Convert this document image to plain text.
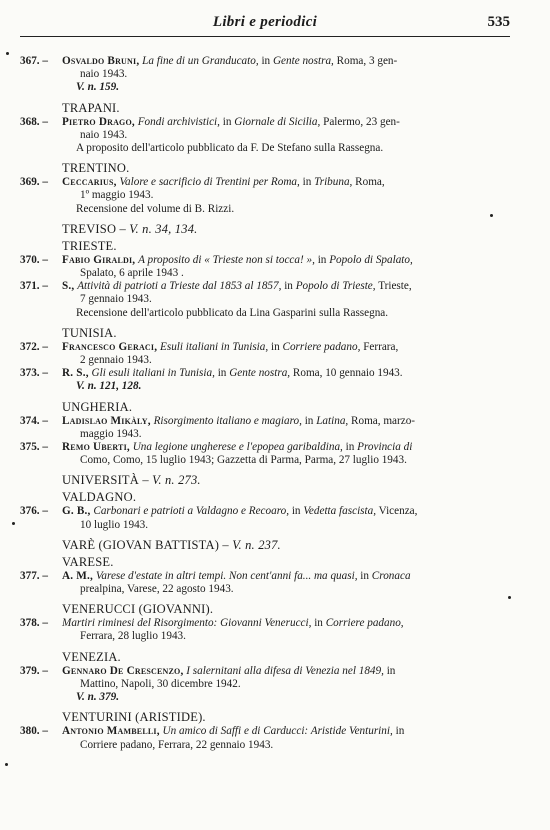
Libri e periodici	535
367. – Osvaldo Bruni, La fine di un Granducato, in Gente nostra, Roma, 3 gen-
naio 1943.
V. n. 159.
TRAPANI.
368. – Pietro Drago, Fondi archivistici, in Giornale di Sicilia, Palermo, 23 gen-
naio 1943.
A proposito dell'articolo pubblicato da F. De Stefano sulla Rassegna.
TRENTINO.
369. – Ceccarius, Valore e sacrificio di Trentini per Roma, in Tribuna, Roma,
1º maggio 1943.
Recensione del volume di B. Rizzi.
TREVISO – V. n. 34, 134.
TRIESTE.
370. – Fabio Giraldi, A proposito di « Trieste non si tocca! », in Popolo di Spalato,
Spalato, 6 aprile 1943 .
371. – S., Attività di patrioti a Trieste dal 1853 al 1857, in Popolo di Trieste, Trieste,
7 gennaio 1943.
Recensione dell'articolo pubblicato da Lina Gasparini sulla Rassegna.
TUNISIA.
372. – Francesco Geraci, Esuli italiani in Tunisia, in Corriere padano, Ferrara,
2 gennaio 1943.
373. – R. S., Gli esuli italiani in Tunisia, in Gente nostra, Roma, 10 gennaio 1943.
V. n. 121, 128.
UNGHERIA.
374. – Ladislao Mikàly, Risorgimento italiano e magiaro, in Latina, Roma, marzo-
maggio 1943.
375. – Remo Uberti, Una legione ungherese e l'epopea garibaldina, in Provincia di
Como, Como, 15 luglio 1943; Gazzetta di Parma, Parma, 27 luglio 1943.
UNIVERSITÀ – V. n. 273.
VALDAGNO.
376. – G. B., Carbonari e patrioti a Valdagno e Recoaro, in Vedetta fascista, Vicenza,
10 luglio 1943.
VARÈ (GIOVAN BATTISTA) – V. n. 237.
VARESE.
377. – A. M., Varese d'estate in altri tempi. Non cent'anni fa... ma quasi, in Cronaca
prealpina, Varese, 22 agosto 1943.
VENERUCCI (GIOVANNI).
378. – Martiri riminesi del Risorgimento: Giovanni Venerucci, in Corriere padano,
Ferrara, 28 luglio 1943.
VENEZIA.
379. – Gennaro De Crescenzo, I salernitani alla difesa di Venezia nel 1849, in
Mattino, Napoli, 30 dicembre 1942.
V. n. 379.
VENTURINI (ARISTIDE).
380. – Antonio Mambelli, Un amico di Saffi e di Carducci: Aristide Venturini, in
Corriere padano, Ferrara, 22 gennaio 1943.
